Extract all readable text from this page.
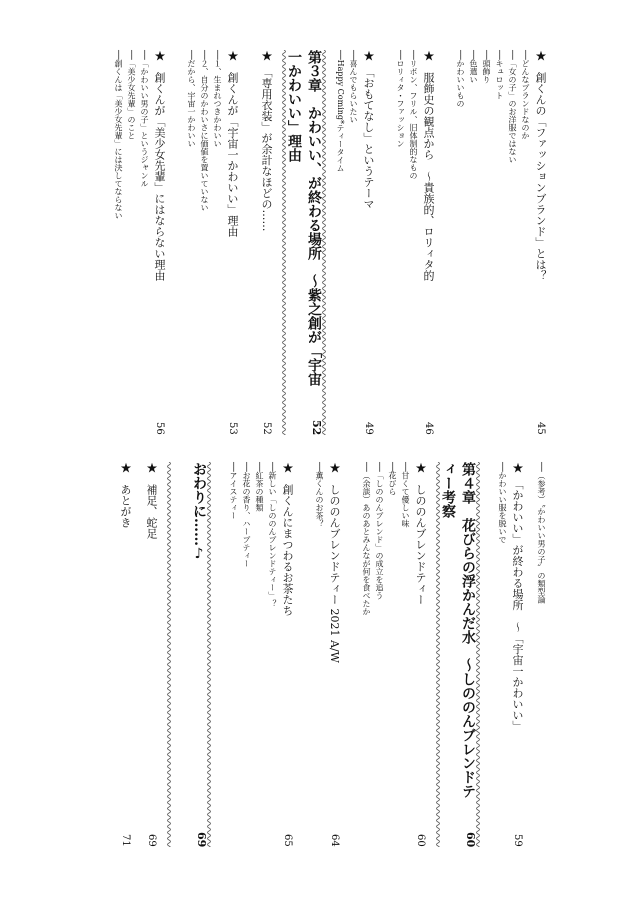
★　創くんの「ファッションブランド」とは？
45
──どんなブランドなのか
──「女の子」のお洋服ではない
──キュロット
──頭飾り
──色遣い
──かわいいもの
★　服飾史の観点から　～貴族的、ロリィタ的
46
──リボン、フリル、旧体制的なもの
──ロリィタ・ファッション
★　「おもてなし」というテーマ
49
──喜んでもらいたい
──Happy Coming*ティータイム
第３章　かわいい、が終わる場所　～紫之創が「宇宙一かわいい」理由
52
★　「専用衣装」が余計なほどの……
52
★　創くんが「宇宙一かわいい」理由
53
──１、生まれつきかわいい
──２、自分のかわいさに価値を置いていない
──だから、宇宙一かわいい
★　創くんが「美少女先輩」にはならない理由
56
──「かわいい男の子」というジャンル
──「美少女先輩」のこと
──創くんは「美少女先輩」には決してならない
──（参考）〝かわいい男の子〟の類型論
★　「かわいい」が終わる場所　～「宇宙一かわいい」
59
──かわいい服を脱いで
第４章　花びらの浮かんだ水　～しののんブレンドティー考察
60
★　しののんブレンドティー
60
──甘くて優しい味
──花びら
──「しののんブレンド」の成立を追う
──（余談）あのあとみんなが何を食べたか
★　しののんブレンドティー 2021 A/W
64
──薫くんのお茶？
★　創くんにまつわるお茶たち
65
──新しい「しののんブレンドティー」？
──紅茶の種類
──お花の香り、ハーブティー
──アイスティー
おわりに……♪
69
★　補足、蛇足
69
★　あとがき
71
